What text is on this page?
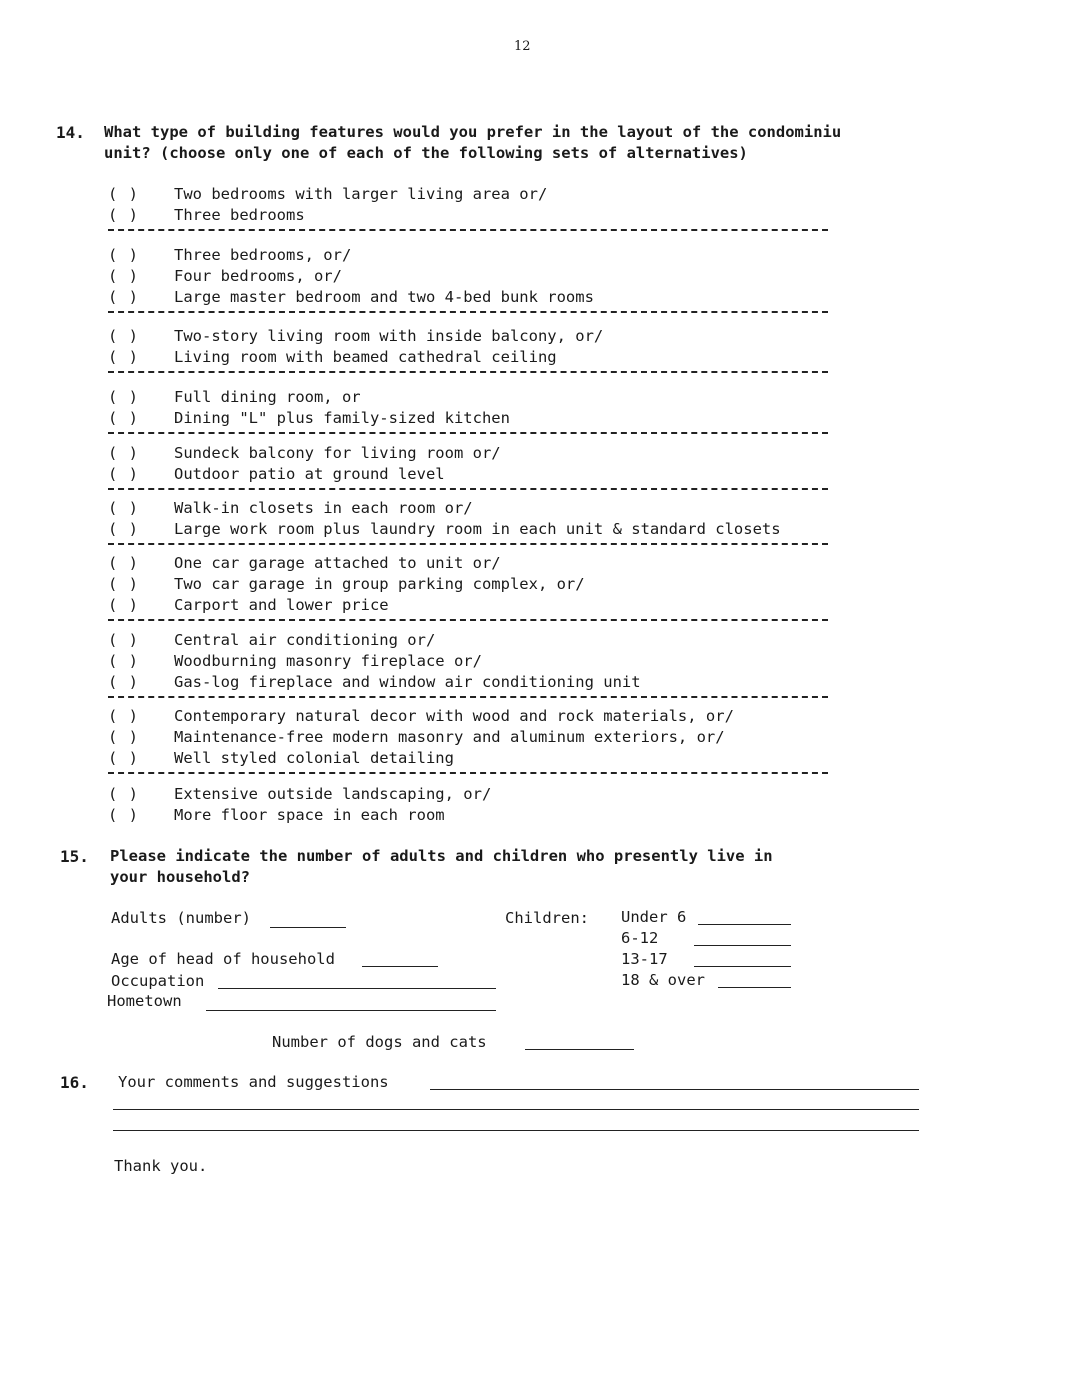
12
14. What type of building features would you prefer in the layout of the condominiu
unit? (choose only one of each of the following sets of alternatives)
( )	Two bedrooms with larger living area or/
( )	Three bedrooms
( )	Three bedrooms, or/
( )	Four bedrooms, or/
( )	Large master bedroom and two 4-bed bunk rooms
( )	Two-story living room with inside balcony, or/
( )	Living room with beamed cathedral ceiling
( )	Full dining room, or
( )	Dining "L" plus family-sized kitchen
( )	Sundeck balcony for living room or/
( )	Outdoor patio at ground level
( )	Walk-in closets in each room or/
( )	Large work room plus laundry room in each unit & standard closets
( )	One car garage attached to unit or/
( )	Two car garage in group parking complex, or/
( )	Carport and lower price
( )	Central air conditioning or/
( )	Woodburning masonry fireplace or/
( )	Gas-log fireplace and window air conditioning unit
( )	Contemporary natural decor with wood and rock materials, or/
( )	Maintenance-free modern masonry and aluminum exteriors, or/
( )	Well styled colonial detailing
( )	Extensive outside landscaping, or/
( )	More floor space in each room
15. Please indicate the number of adults and children who presently live in
your household?
Adults (number)	Children: Under 6
6-12
13-17
18 & over
Age of head of household
Occupation
Hometown
Number of dogs and cats
16. Your comments and suggestions
Thank you.
